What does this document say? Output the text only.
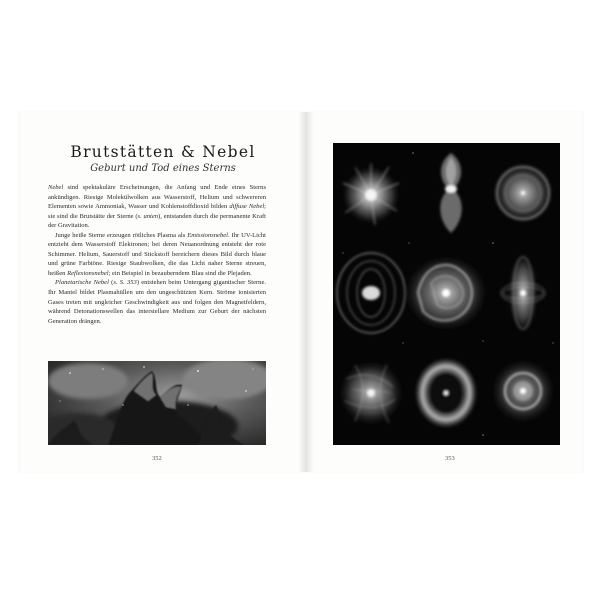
Brutstätten & Nebel
Geburt und Tod eines Sterns

Nebel sind spektakuläre Erscheinungen, die Anfang und Ende eines Sterns ankündigen. Riesige Molekülwolken aus Wasserstoff, Helium und schwereren Elementen sowie Ammoniak, Wasser und Kohlenstoffdioxid bilden diffuse Nebel; sie sind die Brutstätte der Sterne (s. unten), entstanden durch die permanente Kraft der Gravitation.

Junge heiße Sterne erzeugen rötliches Plasma als Emissionsnebel. Ihr UV-Licht entzieht dem Wasserstoff Elektronen; bei deren Neuanordnung entsteht der rote Schimmer. Helium, Sauerstoff und Stickstoff bereichern dieses Bild durch blaue und grüne Farbtöne. Riesige Staubwolken, die das Licht naher Sterne streuen, heißen Reflexionsnebel; ein Beispiel in bezauberndem Blau sind die Plejaden.

Planetarische Nebel (s. S. 353) entstehen beim Untergang gigantischer Sterne. Ihr Mantel bildet Plasmahüllen um den ungeschützten Kern. Ströme ionisierten Gases treten mit ungleicher Geschwindigkeit aus und folgen den Magnetfeldern, während Detonationswellen das interstellare Medium zur Geburt der nächsten Generation drängen.

352	353
